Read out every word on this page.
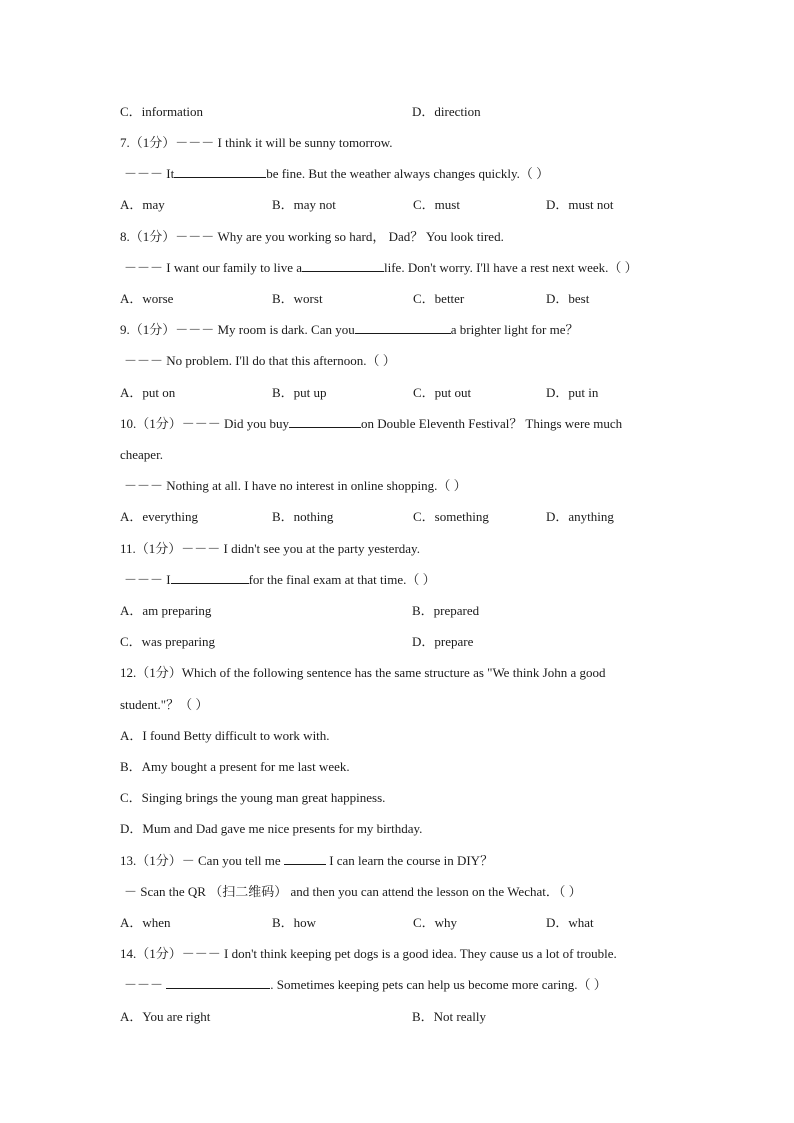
C．information	D．direction
7.（1分）－－－ I think it will be sunny tomorrow.
－－－ It	be fine. But the weather always changes quickly.（ ）
A．may	B．may not	C．must	D．must not
8.（1分）－－－ Why are you working so hard， Dad？ You look tired.
－－－ I want our family to live a	life. Don't worry. I'll have a rest next week.（ ）
A．worse	B．worst	C．better	D．best
9.（1分）－－－ My room is dark. Can you	a brighter light for me？
－－－ No problem. I'll do that this afternoon.（ ）
A．put on	B．put up	C．put out	D．put in
10.（1分）－－－ Did you buy	on Double Eleventh Festival？ Things were much
cheaper.
－－－ Nothing at all. I have no interest in online shopping.（ ）
A．everything	B．nothing	C．something	D．anything
11.（1分）－－－ I didn't see you at the party yesterday.
－－－ I	for the final exam at that time.（ ）
A．am preparing	B．prepared
C．was preparing	D．prepare
12.（1分）Which of the following sentence has the same structure as "We think John a good
student."？（ ）
A．I found Betty difficult to work with.
B．Amy bought a present for me last week.
C．Singing brings the young man great happiness.
D．Mum and Dad gave me nice presents for my birthday.
13.（1分）－ Can you tell me	I can learn the course in DIY？
－ Scan the QR （扫二维码） and then you can attend the lesson on the Wechat．（ ）
A．when	B．how	C．why	D．what
14.（1分）－－－ I don't think keeping pet dogs is a good idea. They cause us a lot of trouble.
－－－	. Sometimes keeping pets can help us become more caring.（ ）
A．You are right	B．Not really
